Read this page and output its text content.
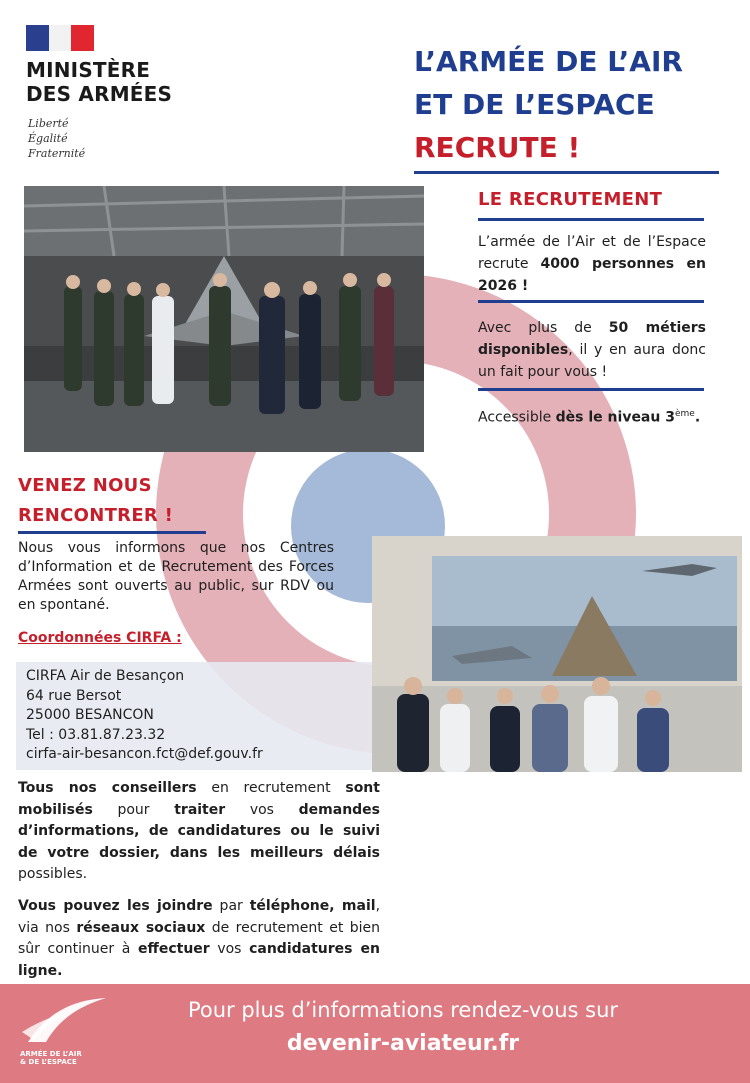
MINISTÈRE
DES ARMÉES
Liberté
Égalité
Fraternité
L’ARMÉE DE L’AIR
ET DE L’ESPACE
RECRUTE !
LE RECRUTEMENT
L’armée de l’Air et de l’Espace recrute 4000 personnes en 2026 !
Avec plus de 50 métiers disponibles, il y en aura donc un fait pour vous !
Accessible dès le niveau 3ème.
VENEZ NOUS
RENCONTRER !
Nous vous informons que nos Centres d’Information et de Recrutement des Forces Armées sont ouverts au public, sur RDV ou en spontané.
Coordonnées CIRFA :
CIRFA Air de Besançon
64 rue Bersot
25000 BESANCON
Tel : 03.81.87.23.32
cirfa-air-besancon.fct@def.gouv.fr
Tous nos conseillers en recrutement sont mobilisés pour traiter vos demandes d’informations, de candidatures ou le suivi de votre dossier, dans les meilleurs délais possibles.
Vous pouvez les joindre par téléphone, mail, via nos réseaux sociaux de recrutement et bien sûr continuer à effectuer vos candidatures en ligne.
ARMÉE DE L’AIR
& DE L’ESPACE
Pour plus d’informations rendez-vous sur
devenir-aviateur.fr
